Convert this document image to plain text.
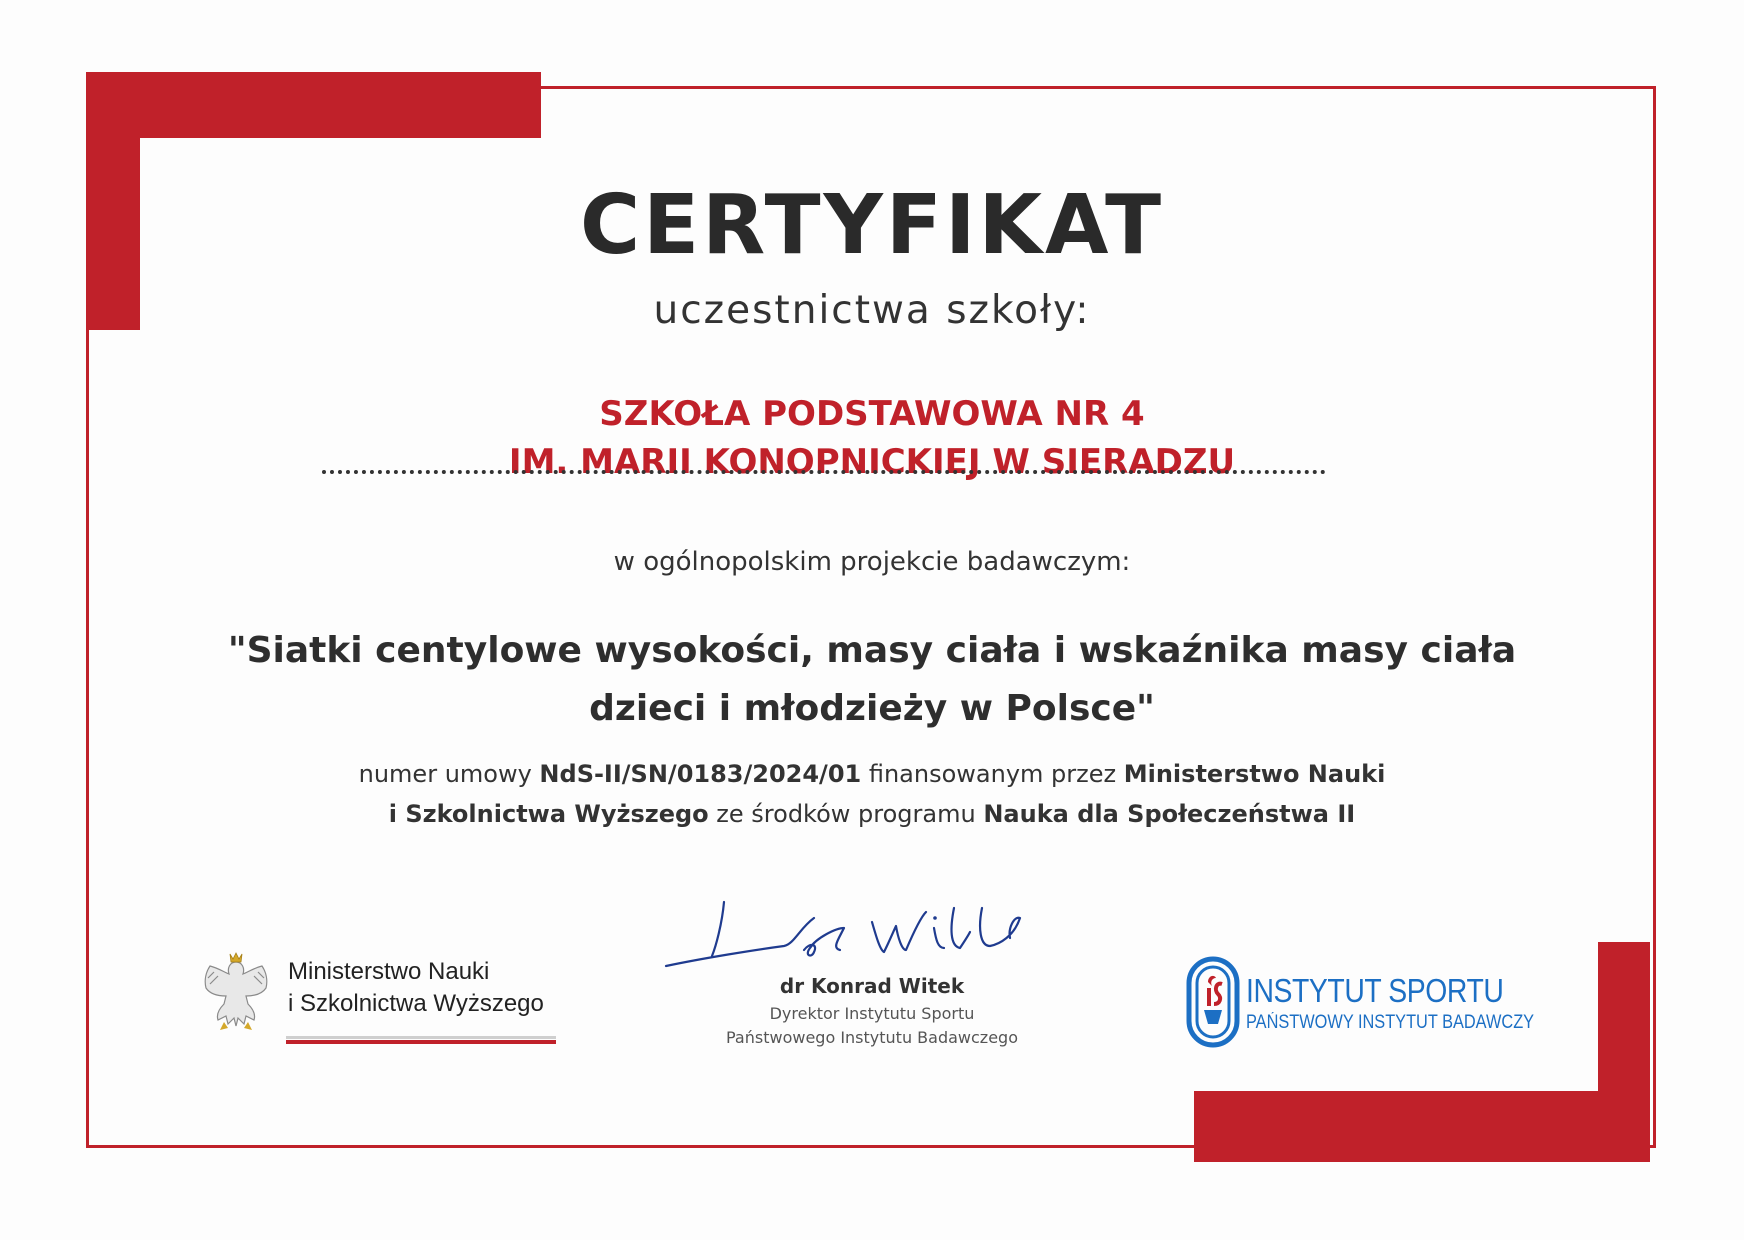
CERTYFIKAT
uczestnictwa szkoły:
SZKOŁA PODSTAWOWA NR 4
IM. MARII KONOPNICKIEJ W SIERADZU
w ogólnopolskim projekcie badawczym:
"Siatki centylowe wysokości, masy ciała i wskaźnika masy ciała
dzieci i młodzieży w Polsce"
numer umowy NdS-II/SN/0183/2024/01 finansowanym przez Ministerstwo Nauki
i Szkolnictwa Wyższego ze środków programu Nauka dla Społeczeństwa II
Ministerstwo Nauki
i Szkolnictwa Wyższego
dr Konrad Witek
Dyrektor Instytutu Sportu
Państwowego Instytutu Badawczego
INSTYTUT SPORTU
PAŃSTWOWY INSTYTUT BADAWCZY
